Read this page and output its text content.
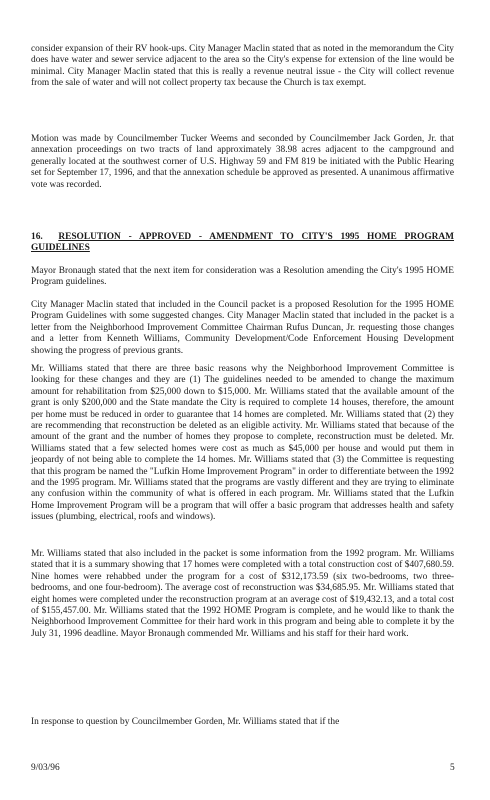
consider expansion of their RV hook-ups. City Manager Maclin stated that as noted in the memorandum the City does have water and sewer service adjacent to the area so the City's expense for extension of the line would be minimal. City Manager Maclin stated that this is really a revenue neutral issue - the City will collect revenue from the sale of water and will not collect property tax because the Church is tax exempt.

Motion was made by Councilmember Tucker Weems and seconded by Councilmember Jack Gorden, Jr. that annexation proceedings on two tracts of land approximately 38.98 acres adjacent to the campground and generally located at the southwest corner of U.S. Highway 59 and FM 819 be initiated with the Public Hearing set for September 17, 1996, and that the annexation schedule be approved as presented. A unanimous affirmative vote was recorded.

16. RESOLUTION - APPROVED - AMENDMENT TO CITY'S 1995 HOME PROGRAM GUIDELINES

Mayor Bronaugh stated that the next item for consideration was a Resolution amending the City's 1995 HOME Program guidelines.

City Manager Maclin stated that included in the Council packet is a proposed Resolution for the 1995 HOME Program Guidelines with some suggested changes. City Manager Maclin stated that included in the packet is a letter from the Neighborhood Improvement Committee Chairman Rufus Duncan, Jr. requesting those changes and a letter from Kenneth Williams, Community Development/Code Enforcement Housing Development showing the progress of previous grants.

Mr. Williams stated that there are three basic reasons why the Neighborhood Improvement Committee is looking for these changes and they are (1) The guidelines needed to be amended to change the maximum amount for rehabilitation from $25,000 down to $15,000. Mr. Williams stated that the available amount of the grant is only $200,000 and the State mandate the City is required to complete 14 houses, therefore, the amount per home must be reduced in order to guarantee that 14 homes are completed. Mr. Williams stated that (2) they are recommending that reconstruction be deleted as an eligible activity. Mr. Williams stated that because of the amount of the grant and the number of homes they propose to complete, reconstruction must be deleted. Mr. Williams stated that a few selected homes were cost as much as $45,000 per house and would put them in jeopardy of not being able to complete the 14 homes. Mr. Williams stated that (3) the Committee is requesting that this program be named the "Lufkin Home Improvement Program" in order to differentiate between the 1992 and the 1995 program. Mr. Williams stated that the programs are vastly different and they are trying to eliminate any confusion within the community of what is offered in each program. Mr. Williams stated that the Lufkin Home Improvement Program will be a program that will offer a basic program that addresses health and safety issues (plumbing, electrical, roofs and windows).

Mr. Williams stated that also included in the packet is some information from the 1992 program. Mr. Williams stated that it is a summary showing that 17 homes were completed with a total construction cost of $407,680.59. Nine homes were rehabbed under the program for a cost of $312,173.59 (six two-bedrooms, two three-bedrooms, and one four-bedroom). The average cost of reconstruction was $34,685.95. Mr. Williams stated that eight homes were completed under the reconstruction program at an average cost of $19,432.13, and a total cost of $155,457.00. Mr. Williams stated that the 1992 HOME Program is complete, and he would like to thank the Neighborhood Improvement Committee for their hard work in this program and being able to complete it by the July 31, 1996 deadline. Mayor Bronaugh commended Mr. Williams and his staff for their hard work.

In response to question by Councilmember Gorden, Mr. Williams stated that if the

9/03/96	5
